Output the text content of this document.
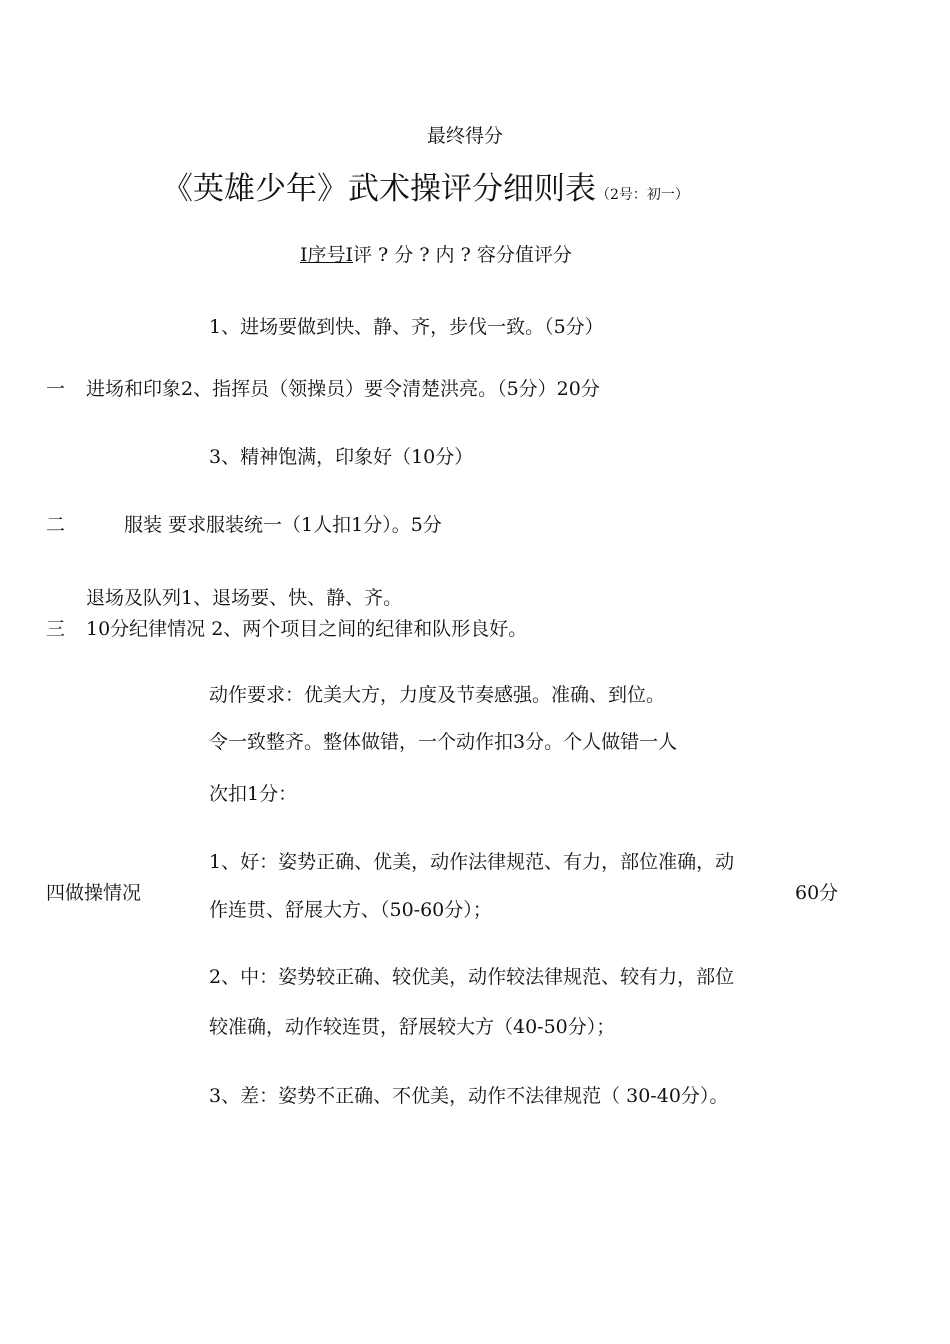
最终得分
《英雄少年》武术操评分细则表（2号：初一）
I序号I评 ? 分 ? 内 ? 容分值评分
1、进场要做到快、静、齐，步伐一致。（5分）
一 进场和印象2、指挥员（领操员）要令清楚洪亮。（5分）20分
3、精神饱满，印象好（10分）
二	服装 要求服装统一（1人扣1分）。5分
退场及队列1、退场要、快、静、齐。
三 10分纪律情况 2、两个项目之间的纪律和队形良好。
动作要求：优美大方，力度及节奏感强。准确、到位。
令一致整齐。整体做错，一个动作扣3分。个人做错一人
次扣1分：
四做操情况
1、好：姿势正确、优美，动作法律规范、有力，部位准确，动
作连贯、舒展大方、（50-60分）；
60分
2、中：姿势较正确、较优美，动作较法律规范、较有力，部位
较准确，动作较连贯，舒展较大方（40-50分）；
3、差：姿势不正确、不优美，动作不法律规范（ 30-40分）。
